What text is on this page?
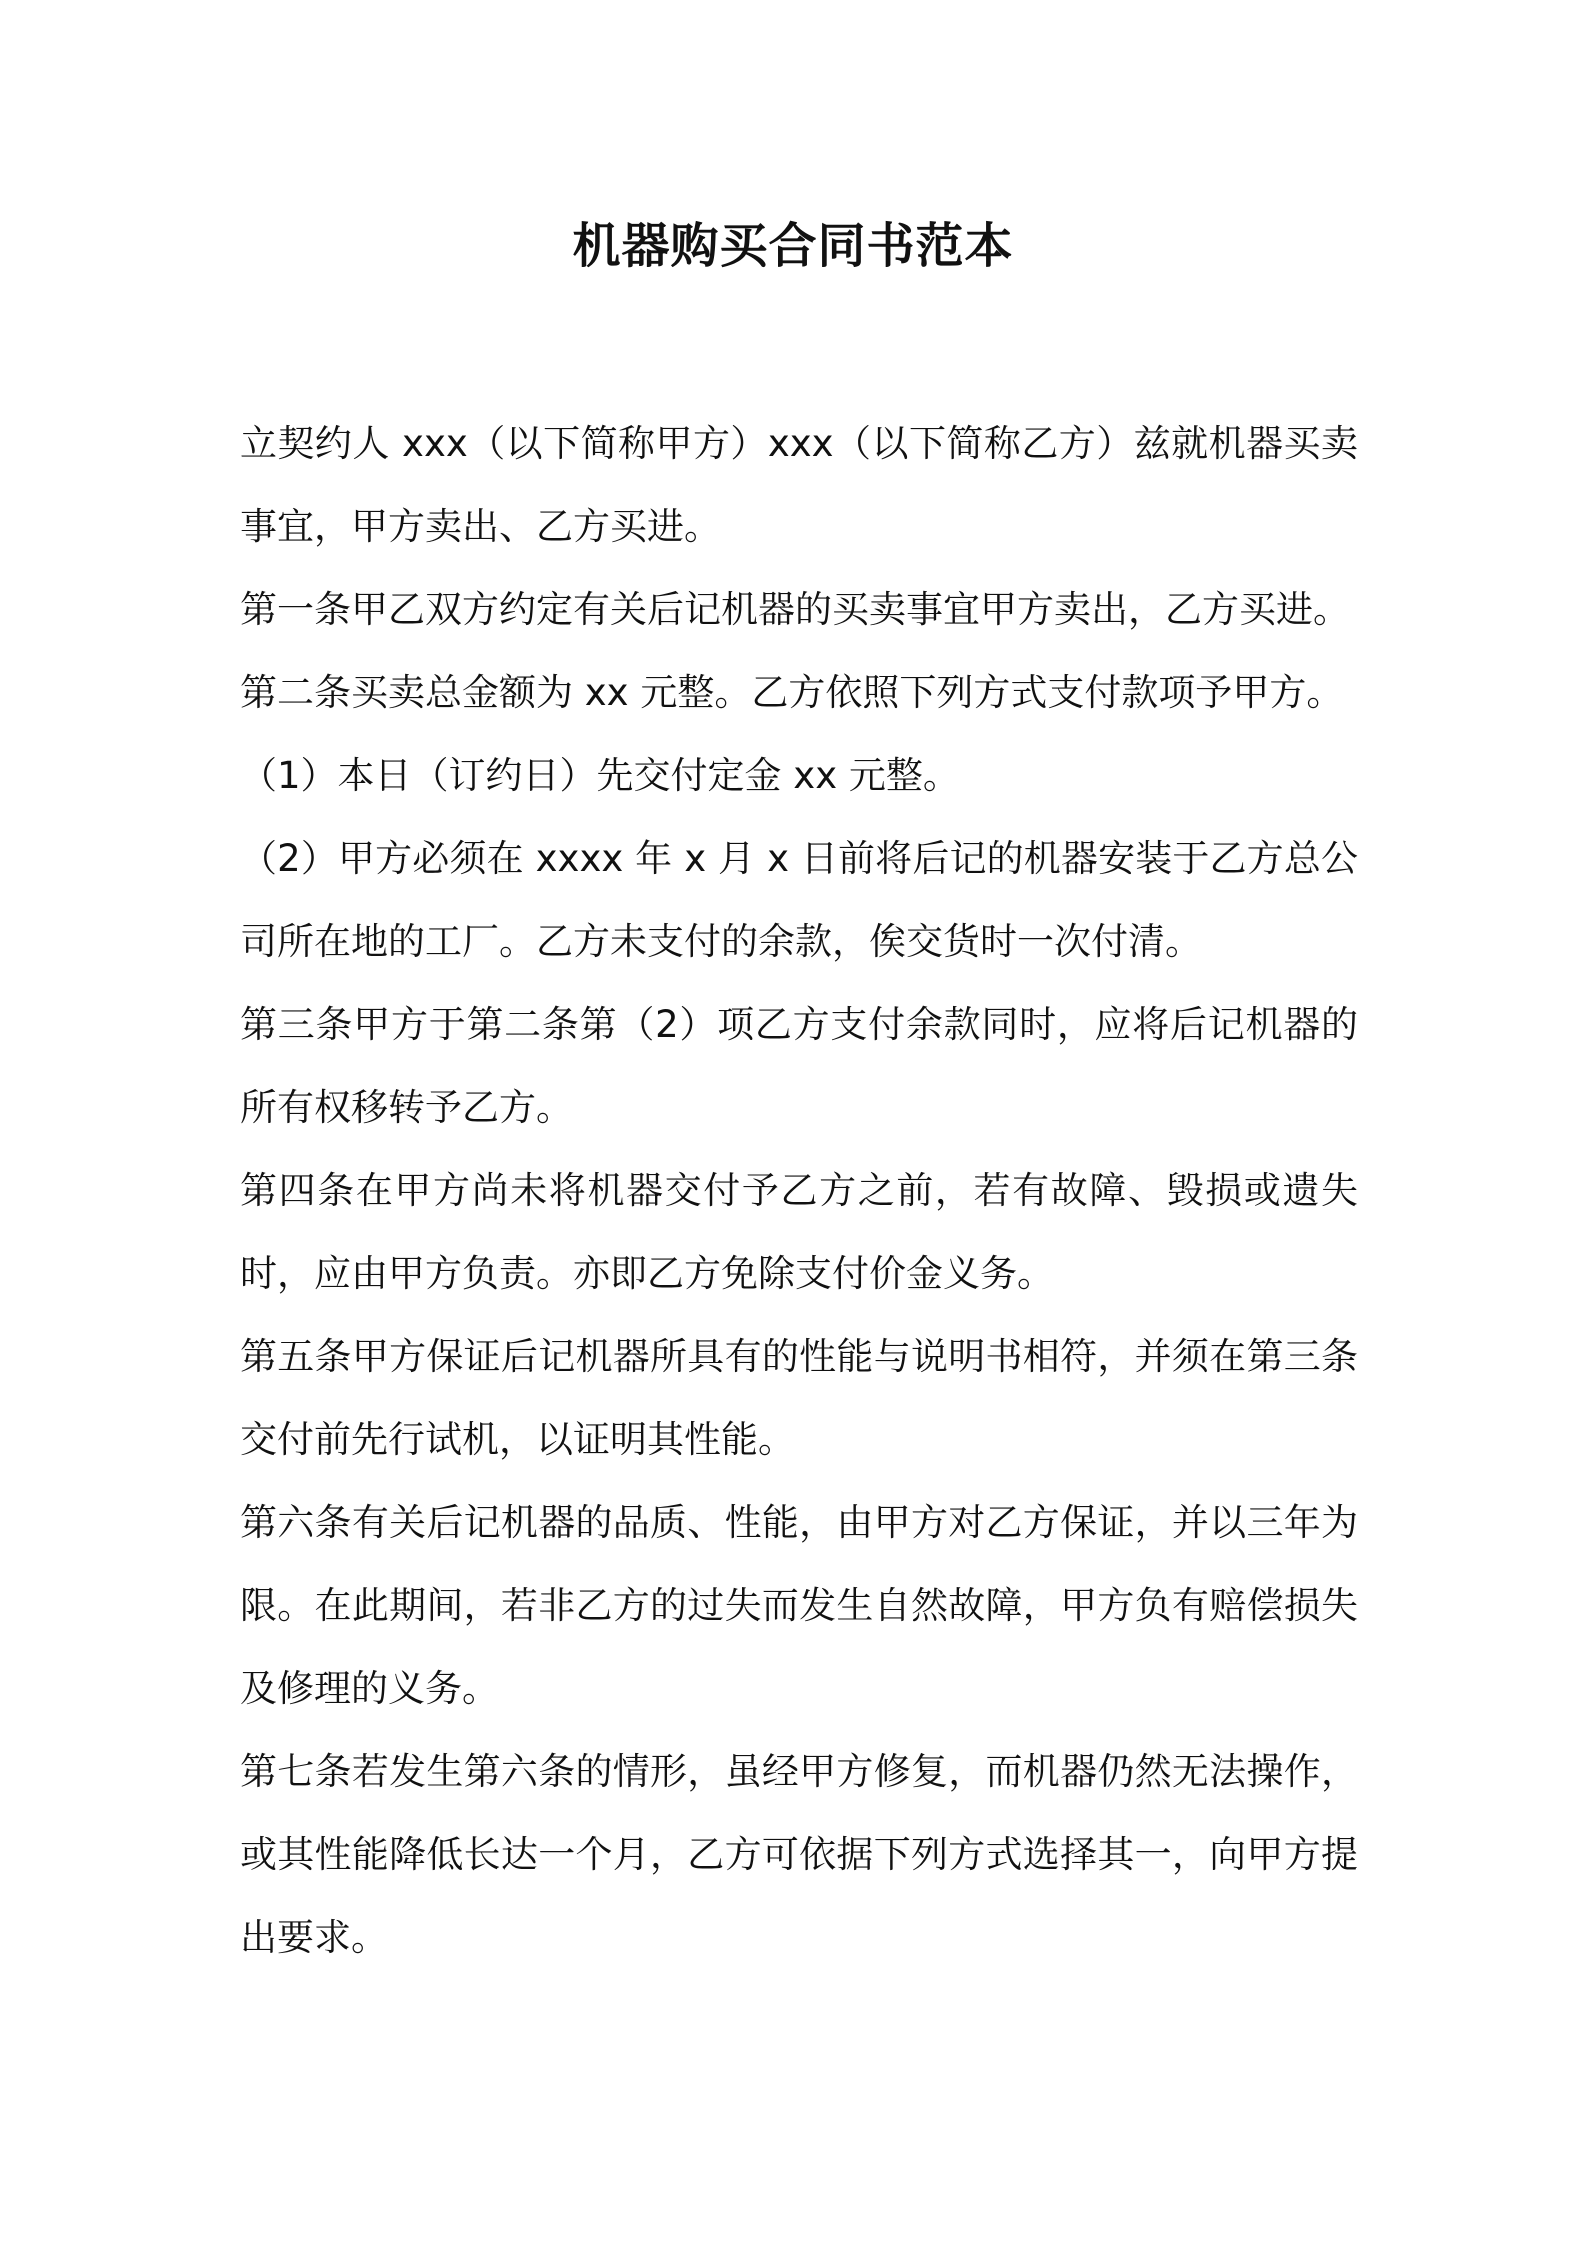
机器购买合同书范本

立契约人 xxx（以下简称甲方）xxx（以下简称乙方）兹就机器买卖事宜，甲方卖出、乙方买进。

第一条甲乙双方约定有关后记机器的买卖事宜甲方卖出，乙方买进。

第二条买卖总金额为 xx 元整。乙方依照下列方式支付款项予甲方。

（1）本日（订约日）先交付定金 xx 元整。

（2）甲方必须在 xxxx 年 x 月 x 日前将后记的机器安装于乙方总公司所在地的工厂。乙方未支付的余款，俟交货时一次付清。

第三条甲方于第二条第（2）项乙方支付余款同时，应将后记机器的所有权移转予乙方。

第四条在甲方尚未将机器交付予乙方之前，若有故障、毁损或遗失时，应由甲方负责。亦即乙方免除支付价金义务。

第五条甲方保证后记机器所具有的性能与说明书相符，并须在第三条交付前先行试机，以证明其性能。

第六条有关后记机器的品质、性能，由甲方对乙方保证，并以三年为限。在此期间，若非乙方的过失而发生自然故障，甲方负有赔偿损失及修理的义务。

第七条若发生第六条的情形，虽经甲方修复，而机器仍然无法操作，或其性能降低长达一个月，乙方可依据下列方式选择其一，向甲方提出要求。
